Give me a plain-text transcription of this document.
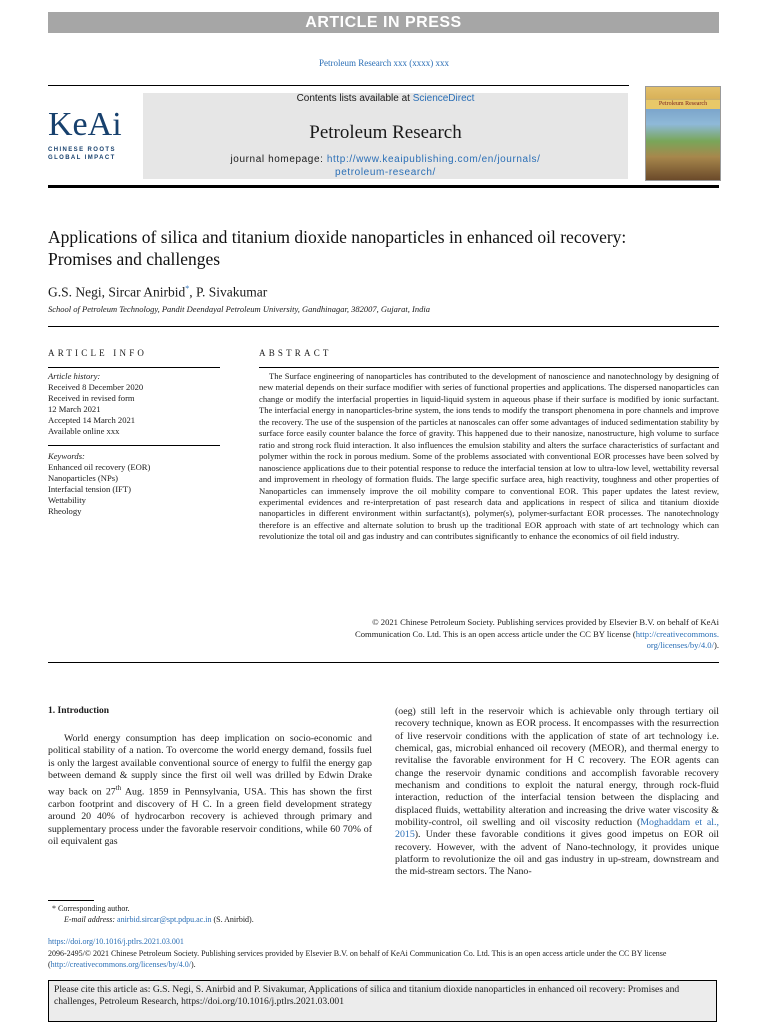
ARTICLE IN PRESS
Petroleum Research xxx (xxxx) xxx
KeAi
CHINESE ROOTS
GLOBAL IMPACT
Contents lists available at ScienceDirect
Petroleum Research
journal homepage: http://www.keaipublishing.com/en/journals/
petroleum-research/
Petroleum Research
Applications of silica and titanium dioxide nanoparticles in enhanced oil recovery: Promises and challenges
G.S. Negi, Sircar Anirbid*, P. Sivakumar
School of Petroleum Technology, Pandit Deendayal Petroleum University, Gandhinagar, 382007, Gujarat, India
ARTICLE INFO
Article history:
Received 8 December 2020
Received in revised form
12 March 2021
Accepted 14 March 2021
Available online xxx
Keywords:
Enhanced oil recovery (EOR)
Nanoparticles (NPs)
Interfacial tension (IFT)
Wettability
Rheology
ABSTRACT
The Surface engineering of nanoparticles has contributed to the development of nanoscience and nanotechnology by designing of new material depends on their surface modifier with series of functional properties and applications. The dispersed nanoparticles can change or modify the interfacial properties in liquid-liquid system in aqueous phase if their surface is modified by ionic surfactant. The interfacial energy in nanoparticles-brine system, the ions tends to modify the transport phenomena in pore channels and improve the recovery. The use of the suspension of the particles at nanoscales can offer some advantages of induced sedimentation stability by surface force easily counter balance the force of gravity. This happened due to their nanosize, nanostructure, high volume to surface ratio and strong rock fluid interaction. It also influences the emulsion stability and alters the surface characteristics of surfactant and polymer within the rock in porous medium. Some of the problems associated with conventional EOR processes have been solved by nanoscience applications due to their potential response to reduce the interfacial tension at low to ultra-low level, wettability reversal and improvement in rheology of formation fluids. The large specific surface area, high reactivity, toughness and other properties of Nanoparticles can immensely improve the oil mobility compare to conventional EOR. This paper updates the latest review, experimental evidences and re-interpretation of past research data and applications in respect of silica and titanium dioxide nanoparticles in different environment within surfactant(s), polymer(s), polymer-surfactant EOR processes. The nanotechnology therefore is an effective and alternate solution to brush up the traditional EOR approach with state of art technology which can revolutionize the total oil and gas industry and can contributes significantly to enhance the economics of oil field industry.
© 2021 Chinese Petroleum Society. Publishing services provided by Elsevier B.V. on behalf of KeAi
Communication Co. Ltd. This is an open access article under the CC BY license (http://creativecommons.
org/licenses/by/4.0/).
1. Introduction
World energy consumption has deep implication on socio-economic and political stability of a nation. To overcome the world energy demand, fossils fuel is only the largest available conventional source of energy to fulfil the energy gap between demand & supply since the first oil well was drilled by Edwin Drake way back on 27th Aug. 1859 in Pennsylvania, USA. This has shown the first carbon footprint and discovery of H C. In a green field development strategy around 20 40% of hydrocarbon recovery is achieved through primary and supplementary process under the favorable reservoir conditions, while 60 70% of oil equivalent gas
(oeg) still left in the reservoir which is achievable only through tertiary oil recovery technique, known as EOR process. It encompasses with the resurrection of live reservoir conditions with the application of state of art technology i.e. chemical, gas, microbial enhanced oil recovery (MEOR), and thermal energy to revitalise the favorable environment for H C recovery. The EOR agents can change the reservoir dynamic conditions and accomplish favorable recovery mechanism and conditions to exploit the natural energy, through rock-fluid interaction, reduction of the interfacial tension between the displacing and displaced fluids, wettability alteration and increasing the drive water viscosity & mobility-control, oil swelling and oil viscosity reduction (Moghaddam et al., 2015). Under these favorable conditions it gives good impetus on EOR oil recovery. However, with the advent of Nano-technology, it provides unique platform to revolutionize the oil and gas industry in up-stream, downstream and the mid-stream sectors. The Nano-
* Corresponding author.
E-mail address: anirbid.sircar@spt.pdpu.ac.in (S. Anirbid).
https://doi.org/10.1016/j.ptlrs.2021.03.001
2096-2495/© 2021 Chinese Petroleum Society. Publishing services provided by Elsevier B.V. on behalf of KeAi Communication Co. Ltd. This is an open access article under the CC BY license (http://creativecommons.org/licenses/by/4.0/).
Please cite this article as: G.S. Negi, S. Anirbid and P. Sivakumar, Applications of silica and titanium dioxide nanoparticles in enhanced oil recovery: Promises and challenges, Petroleum Research, https://doi.org/10.1016/j.ptlrs.2021.03.001
